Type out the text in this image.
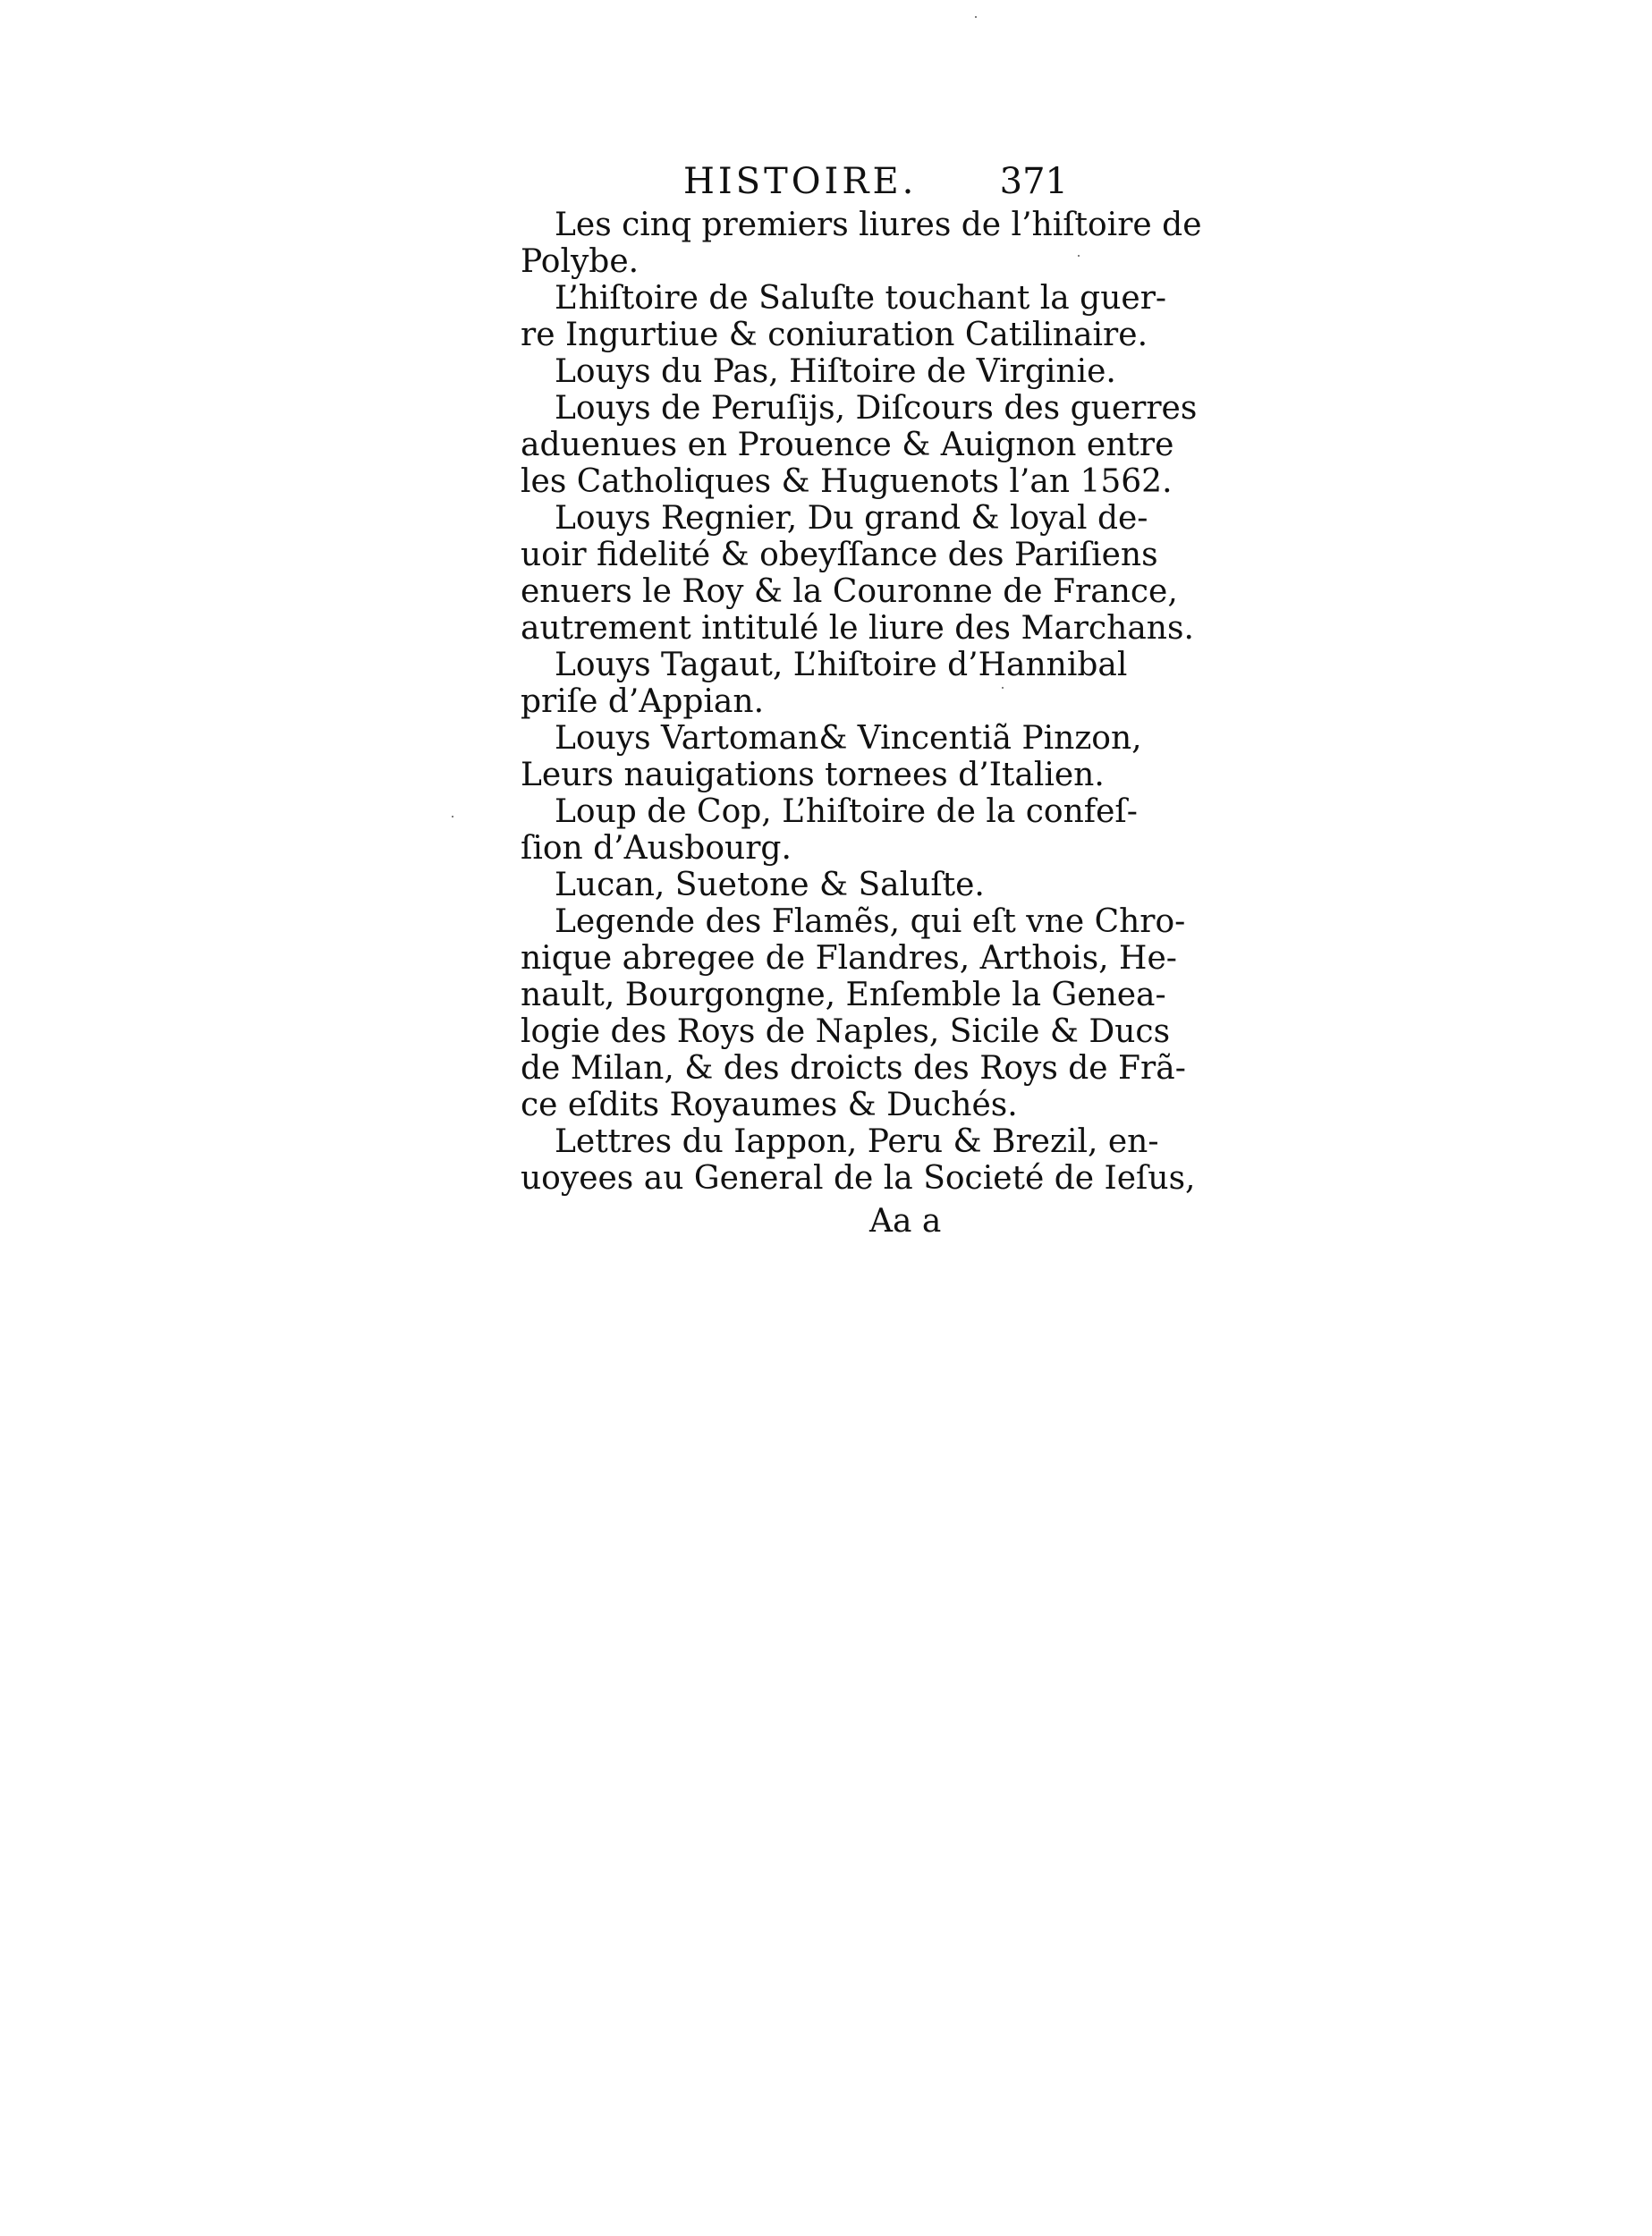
HISTOIRE. 371
Les cinq premiers liures de l’hiſtoire de
Polybe.
L’hiſtoire de Saluſte touchant la guer-
re Ingurtiue & coniuration Catilinaire.
Louys du Pas, Hiſtoire de Virginie.
Louys de Peruſijs, Diſcours des guerres
aduenues en Prouence & Auignon entre
les Catholiques & Huguenots l’an 1562.
Louys Regnier, Du grand & loyal de-
uoir fidelité & obeyſſance des Pariſiens
enuers le Roy & la Couronne de France,
autrement intitulé le liure des Marchans.
Louys Tagaut, L’hiſtoire d’Hannibal
priſe d’Appian.
Louys Vartoman& Vincentiã Pinzon,
Leurs nauigations tornees d’Italien.
Loup de Cop, L’hiſtoire de la confeſ-
ſion d’Ausbourg.
Lucan, Suetone & Saluſte.
Legende des Flamẽs, qui eſt vne Chro-
nique abregee de Flandres, Arthois, He-
nault, Bourgongne, Enſemble la Genea-
logie des Roys de Naples, Sicile & Ducs
de Milan, & des droicts des Roys de Frã-
ce eſdits Royaumes & Duchés.
Lettres du Iappon, Peru & Brezil, en-
uoyees au General de la Societé de Ieſus,
Aa a
